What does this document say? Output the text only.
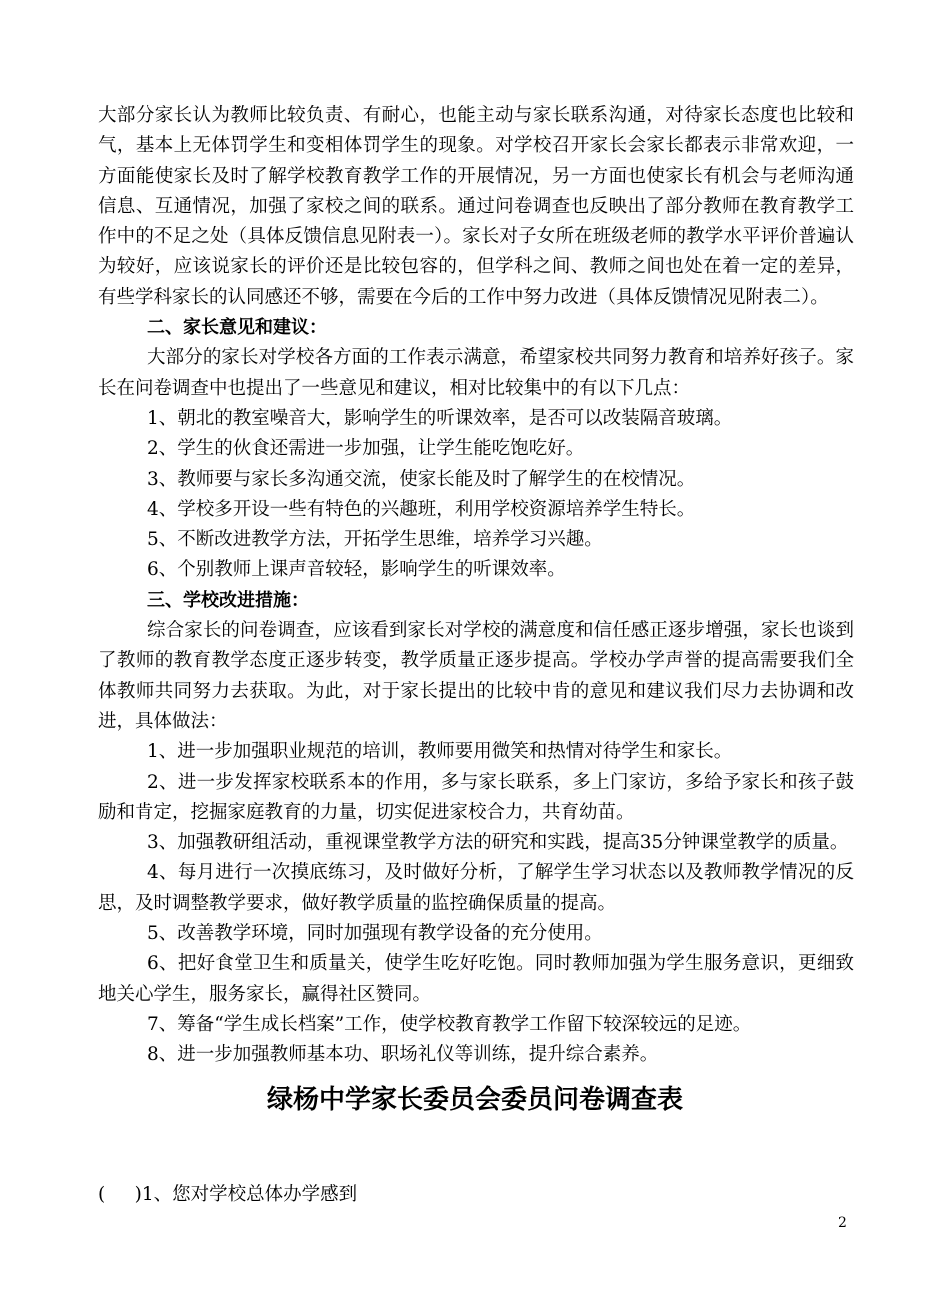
大部分家长认为教师比较负责、有耐心，也能主动与家长联系沟通，对待家长态度也比较和气，基本上无体罚学生和变相体罚学生的现象。对学校召开家长会家长都表示非常欢迎，一方面能使家长及时了解学校教育教学工作的开展情况，另一方面也使家长有机会与老师沟通信息、互通情况，加强了家校之间的联系。通过问卷调查也反映出了部分教师在教育教学工作中的不足之处（具体反馈信息见附表一）。家长对子女所在班级老师的教学水平评价普遍认为较好，应该说家长的评价还是比较包容的，但学科之间、教师之间也处在着一定的差异，有些学科家长的认同感还不够，需要在今后的工作中努力改进（具体反馈情况见附表二）。

二、家长意见和建议：

大部分的家长对学校各方面的工作表示满意，希望家校共同努力教育和培养好孩子。家长在问卷调查中也提出了一些意见和建议，相对比较集中的有以下几点：

1、朝北的教室噪音大，影响学生的听课效率，是否可以改装隔音玻璃。

2、学生的伙食还需进一步加强，让学生能吃饱吃好。

3、教师要与家长多沟通交流，使家长能及时了解学生的在校情况。

4、学校多开设一些有特色的兴趣班，利用学校资源培养学生特长。

5、不断改进教学方法，开拓学生思维，培养学习兴趣。

6、个别教师上课声音较轻，影响学生的听课效率。

三、学校改进措施：

综合家长的问卷调查，应该看到家长对学校的满意度和信任感正逐步增强，家长也谈到了教师的教育教学态度正逐步转变，教学质量正逐步提高。学校办学声誉的提高需要我们全体教师共同努力去获取。为此，对于家长提出的比较中肯的意见和建议我们尽力去协调和改进，具体做法：

1、进一步加强职业规范的培训，教师要用微笑和热情对待学生和家长。

2、进一步发挥家校联系本的作用，多与家长联系，多上门家访，多给予家长和孩子鼓励和肯定，挖掘家庭教育的力量，切实促进家校合力，共育幼苗。

3、加强教研组活动，重视课堂教学方法的研究和实践，提高35分钟课堂教学的质量。

4、每月进行一次摸底练习，及时做好分析，了解学生学习状态以及教师教学情况的反思，及时调整教学要求，做好教学质量的监控确保质量的提高。

5、改善教学环境，同时加强现有教学设备的充分使用。

6、把好食堂卫生和质量关，使学生吃好吃饱。同时教师加强为学生服务意识，更细致地关心学生，服务家长，赢得社区赞同。

7、筹备“学生成长档案”工作，使学校教育教学工作留下较深较远的足迹。

8、进一步加强教师基本功、职场礼仪等训练，提升综合素养。

绿杨中学家长委员会委员问卷调查表

(     )1、您对学校总体办学感到

2
